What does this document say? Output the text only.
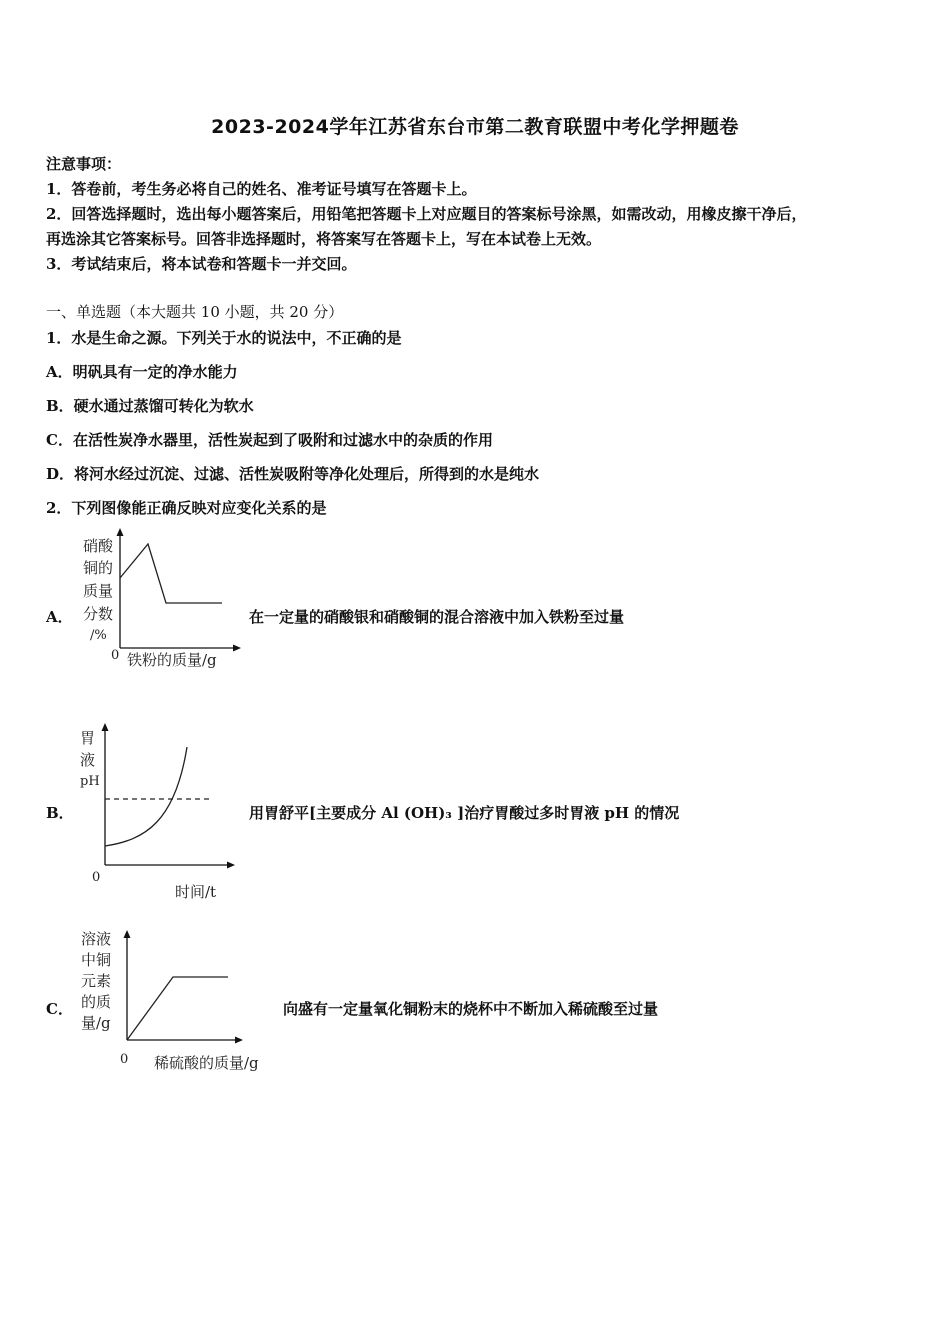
2023-2024学年江苏省东台市第二教育联盟中考化学押题卷
注意事项：
1．答卷前，考生务必将自己的姓名、准考证号填写在答题卡上。
2．回答选择题时，选出每小题答案后，用铅笔把答题卡上对应题目的答案标号涂黑，如需改动，用橡皮擦干净后，
再选涂其它答案标号。回答非选择题时，将答案写在答题卡上，写在本试卷上无效。
3．考试结束后，将本试卷和答题卡一并交回。
一、单选题（本大题共 10 小题，共 20 分）
1．水是生命之源。下列关于水的说法中，不正确的是
A．明矾具有一定的净水能力
B．硬水通过蒸馏可转化为软水
C．在活性炭净水器里，活性炭起到了吸附和过滤水中的杂质的作用
D．将河水经过沉淀、过滤、活性炭吸附等净化处理后，所得到的水是纯水
2．下列图像能正确反映对应变化关系的是
A．
硝酸
铜的
质量
分数
/%
0 铁粉的质量/g
在一定量的硝酸银和硝酸铜的混合溶液中加入铁粉至过量
B．
胃
液
pH
0
时间/t
用胃舒平[主要成分 Al (OH)₃ ]治疗胃酸过多时胃液 pH 的情况
C．
溶液
中铜
元素
的质
量/g
0 稀硫酸的质量/g
向盛有一定量氧化铜粉末的烧杯中不断加入稀硫酸至过量
